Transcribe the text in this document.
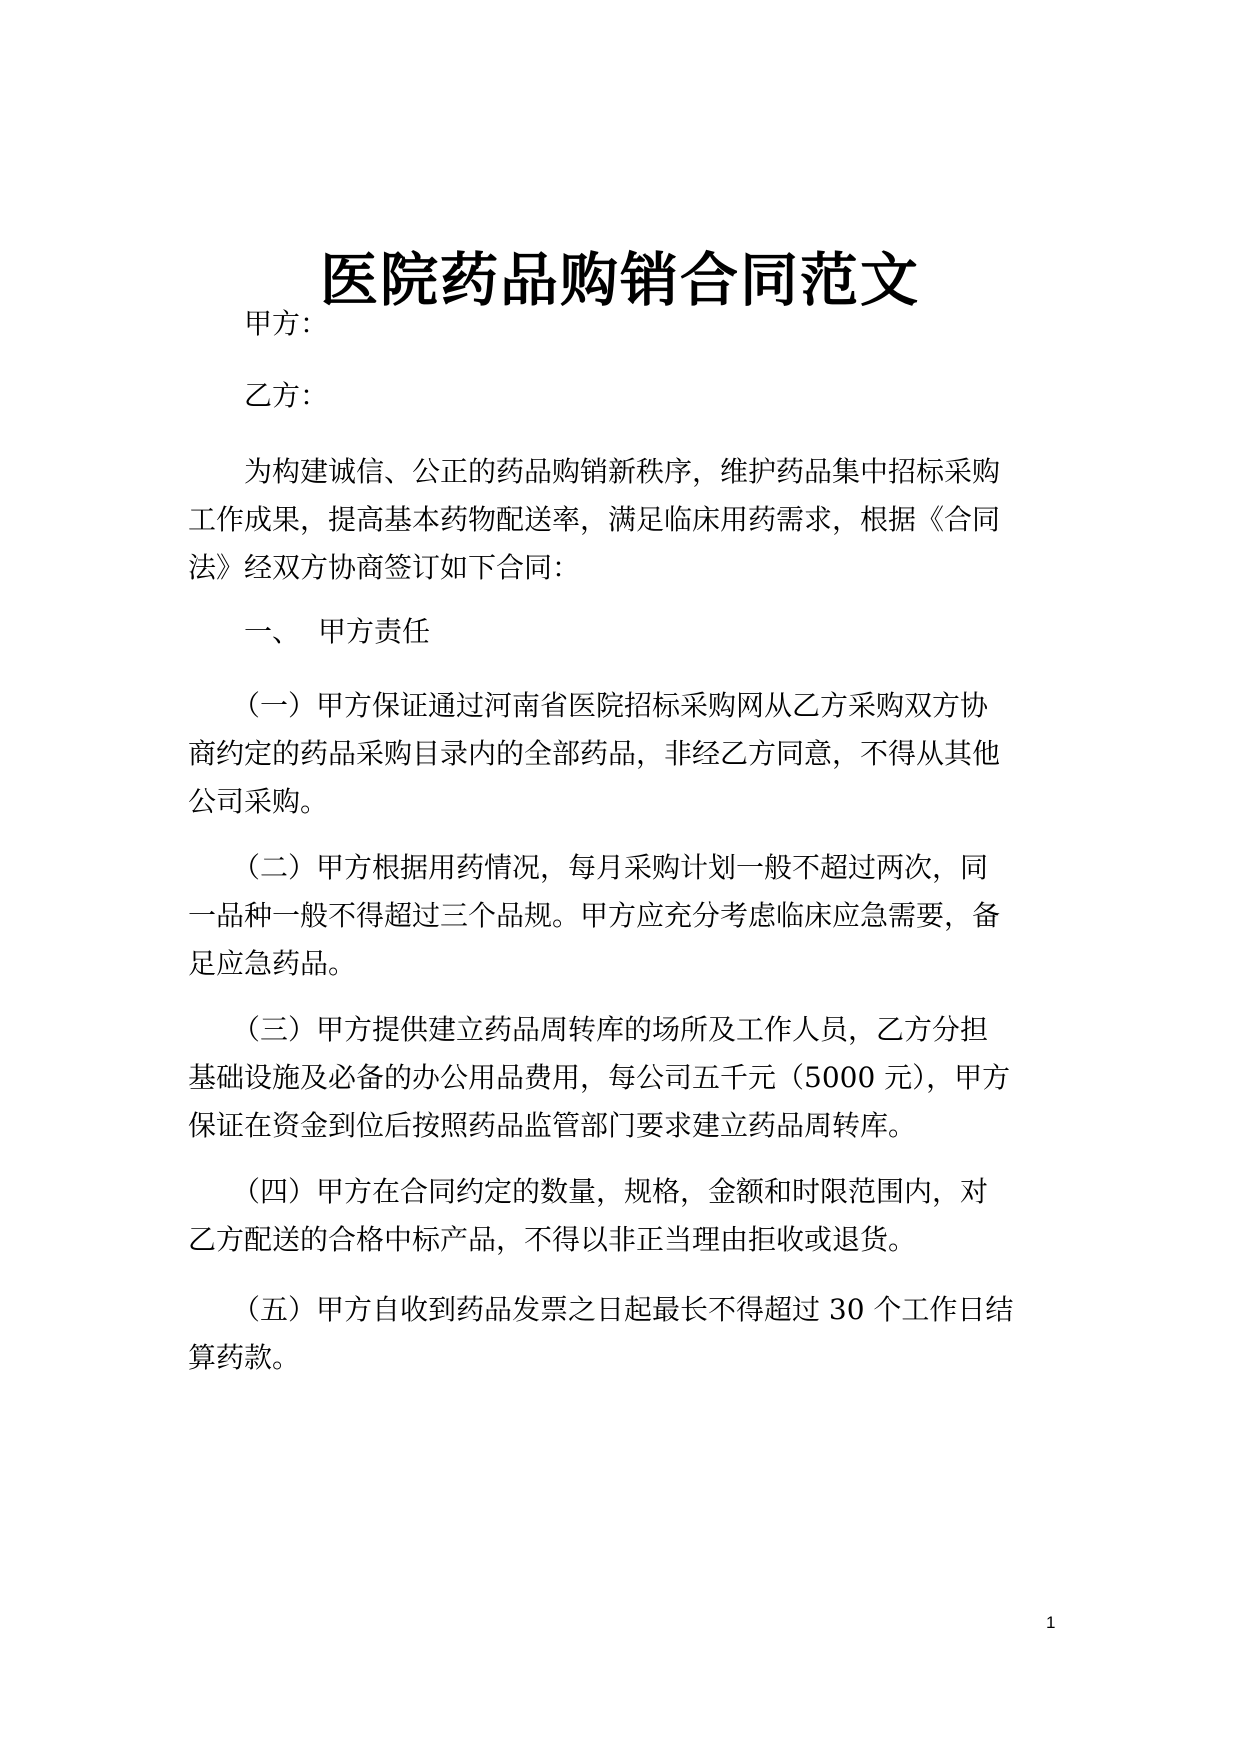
医院药品购销合同范文
甲方：
乙方：
为构建诚信、公正的药品购销新秩序，维护药品集中招标采购
工作成果，提高基本药物配送率，满足临床用药需求，根据《合同
法》经双方协商签订如下合同：
一、 甲方责任
（一）甲方保证通过河南省医院招标采购网从乙方采购双方协
商约定的药品采购目录内的全部药品，非经乙方同意，不得从其他
公司采购。
（二）甲方根据用药情况，每月采购计划一般不超过两次，同
一品种一般不得超过三个品规。甲方应充分考虑临床应急需要，备
足应急药品。
（三）甲方提供建立药品周转库的场所及工作人员，乙方分担
基础设施及必备的办公用品费用，每公司五千元（5000 元），甲方
保证在资金到位后按照药品监管部门要求建立药品周转库。
（四）甲方在合同约定的数量，规格，金额和时限范围内，对
乙方配送的合格中标产品，不得以非正当理由拒收或退货。
（五）甲方自收到药品发票之日起最长不得超过 30 个工作日结
算药款。
1
